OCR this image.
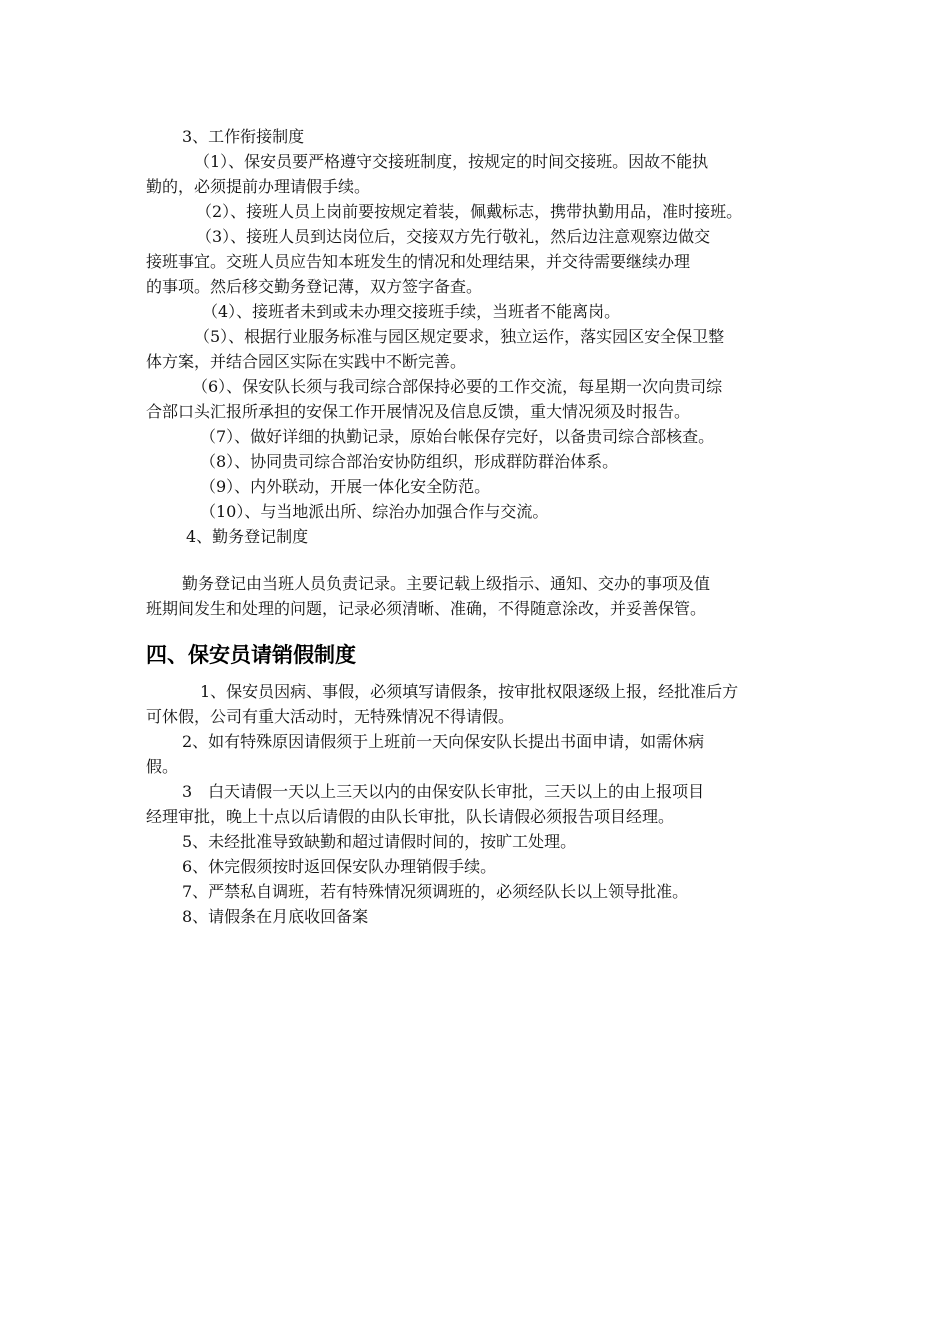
3、工作衔接制度

（1）、保安员要严格遵守交接班制度，按规定的时间交接班。因故不能执

勤的，必须提前办理请假手续。

（2）、接班人员上岗前要按规定着装，佩戴标志，携带执勤用品，准时接班。

（3）、接班人员到达岗位后，交接双方先行敬礼，然后边注意观察边做交

接班事宜。交班人员应告知本班发生的情况和处理结果，并交待需要继续办理

的事项。然后移交勤务登记薄，双方签字备查。

（4）、接班者未到或未办理交接班手续，当班者不能离岗。

（5）、根据行业服务标准与园区规定要求，独立运作，落实园区安全保卫整

体方案，并结合园区实际在实践中不断完善。

（6）、保安队长须与我司综合部保持必要的工作交流，每星期一次向贵司综

合部口头汇报所承担的安保工作开展情况及信息反馈，重大情况须及时报告。

（7）、做好详细的执勤记录，原始台帐保存完好，以备贵司综合部核查。

（8）、协同贵司综合部治安协防组织，形成群防群治体系。

（9）、内外联动，开展一体化安全防范。

（10）、与当地派出所、综治办加强合作与交流。

4、勤务登记制度

勤务登记由当班人员负责记录。主要记载上级指示、通知、交办的事项及值

班期间发生和处理的问题，记录必须清晰、准确，不得随意涂改，并妥善保管。

四、保安员请销假制度

1、保安员因病、事假，必须填写请假条，按审批权限逐级上报，经批准后方

可休假，公司有重大活动时，无特殊情况不得请假。

2、如有特殊原因请假须于上班前一天向保安队长提出书面申请，如需休病

假。

3　白天请假一天以上三天以内的由保安队长审批，三天以上的由上报项目

经理审批，晚上十点以后请假的由队长审批，队长请假必须报告项目经理。

5、未经批准导致缺勤和超过请假时间的，按旷工处理。

6、休完假须按时返回保安队办理销假手续。

7、严禁私自调班，若有特殊情况须调班的，必须经队长以上领导批准。

8、请假条在月底收回备案
